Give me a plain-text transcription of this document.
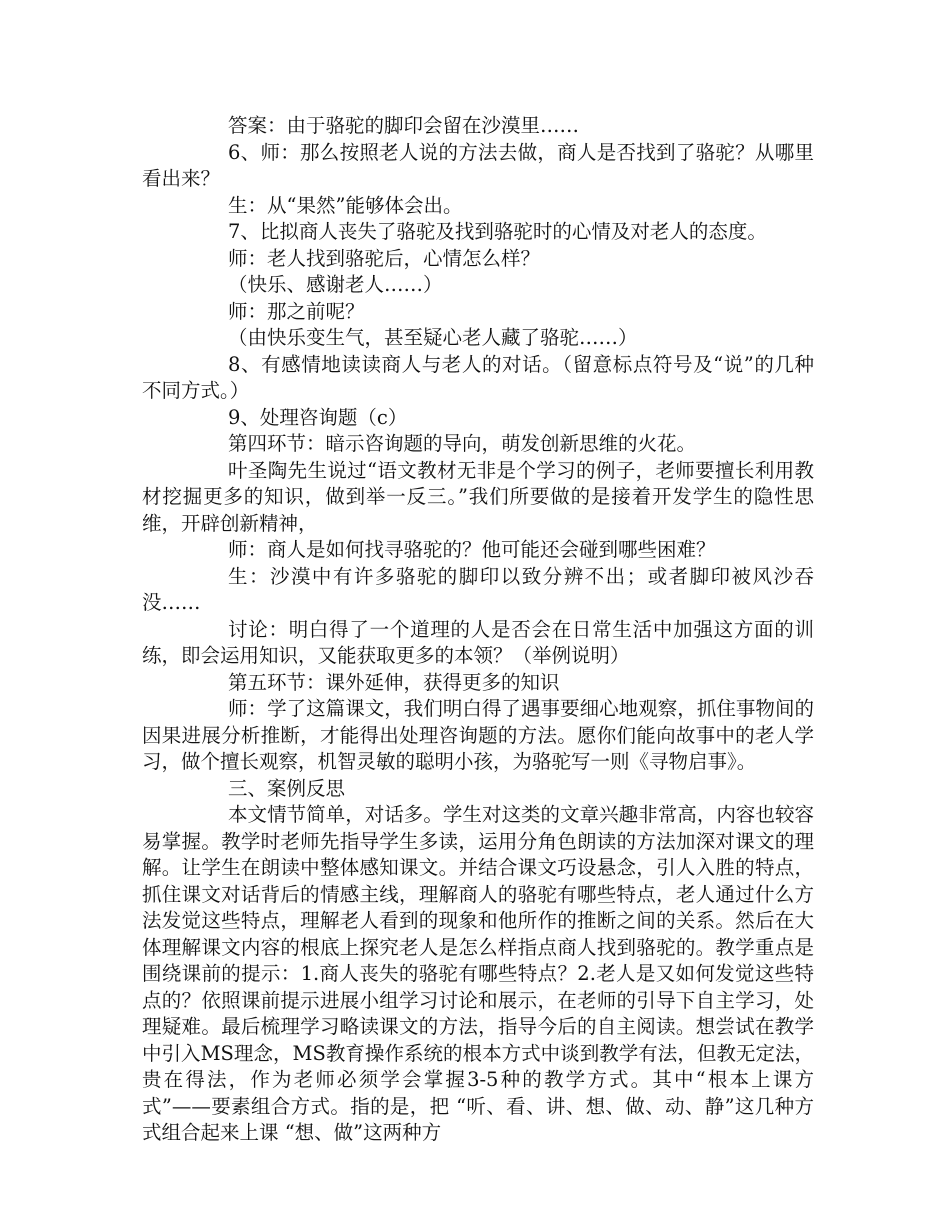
答案：由于骆驼的脚印会留在沙漠里……

6、师：那么按照老人说的方法去做，商人是否找到了骆驼？从哪里看出来？

生：从“果然”能够体会出。

7、比拟商人丧失了骆驼及找到骆驼时的心情及对老人的态度。

师：老人找到骆驼后，心情怎么样？

（快乐、感谢老人……）

师：那之前呢？

（由快乐变生气，甚至疑心老人藏了骆驼……）

8、有感情地读读商人与老人的对话。（留意标点符号及“说”的几种不同方式。）

9、处理咨询题（c）

第四环节：暗示咨询题的导向，萌发创新思维的火花。

叶圣陶先生说过“语文教材无非是个学习的例子，老师要擅长利用教材挖掘更多的知识，做到举一反三。”我们所要做的是接着开发学生的隐性思维，开辟创新精神，

师：商人是如何找寻骆驼的？他可能还会碰到哪些困难？

生：沙漠中有许多骆驼的脚印以致分辨不出；或者脚印被风沙吞没……

讨论：明白得了一个道理的人是否会在日常生活中加强这方面的训练，即会运用知识，又能获取更多的本领？（举例说明）

第五环节：课外延伸，获得更多的知识

师：学了这篇课文，我们明白得了遇事要细心地观察，抓住事物间的因果进展分析推断，才能得出处理咨询题的方法。愿你们能向故事中的老人学习，做个擅长观察，机智灵敏的聪明小孩，为骆驼写一则《寻物启事》。

三、案例反思

本文情节简单，对话多。学生对这类的文章兴趣非常高，内容也较容易掌握。教学时老师先指导学生多读，运用分角色朗读的方法加深对课文的理解。让学生在朗读中整体感知课文。并结合课文巧设悬念，引人入胜的特点，抓住课文对话背后的情感主线，理解商人的骆驼有哪些特点，老人通过什么方法发觉这些特点，理解老人看到的现象和他所作的推断之间的关系。然后在大体理解课文内容的根底上探究老人是怎么样指点商人找到骆驼的。教学重点是围绕课前的提示：1.商人丧失的骆驼有哪些特点？2.老人是又如何发觉这些特点的？依照课前提示进展小组学习讨论和展示，在老师的引导下自主学习，处理疑难。最后梳理学习略读课文的方法，指导今后的自主阅读。想尝试在教学中引入MS理念，MS教育操作系统的根本方式中谈到教学有法，但教无定法，贵在得法，作为老师必须学会掌握3-5种的教学方式。其中“根本上课方式”——要素组合方式。指的是，把 “听、看、讲、想、做、动、静”这几种方式组合起来上课 “想、做”这两种方
